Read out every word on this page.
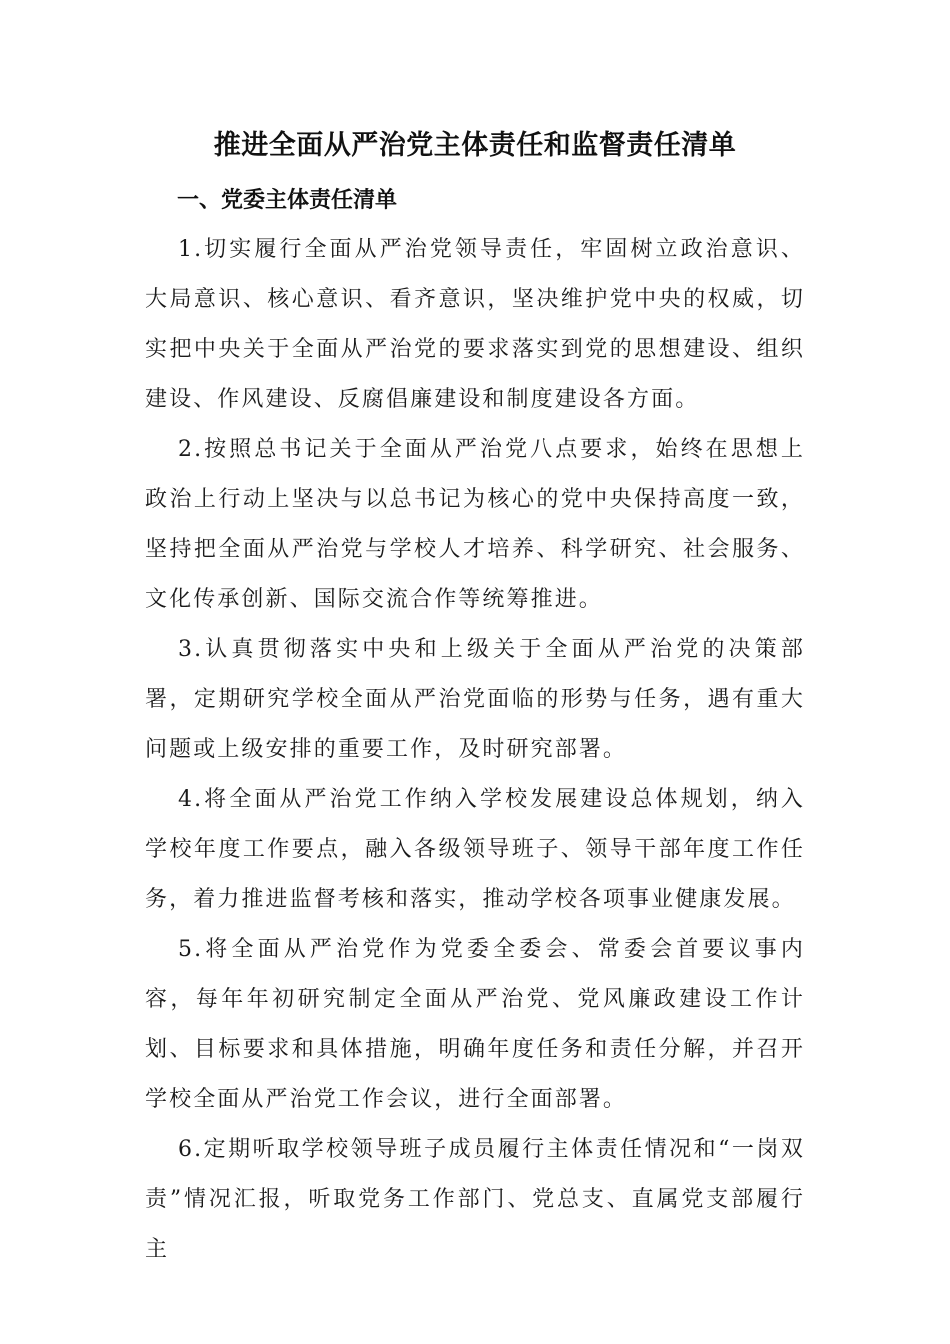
推进全面从严治党主体责任和监督责任清单
一、党委主体责任清单

1.切实履行全面从严治党领导责任，牢固树立政治意识、大局意识、核心意识、看齐意识，坚决维护党中央的权威，切实把中央关于全面从严治党的要求落实到党的思想建设、组织建设、作风建设、反腐倡廉建设和制度建设各方面。

2.按照总书记关于全面从严治党八点要求，始终在思想上政治上行动上坚决与以总书记为核心的党中央保持高度一致，坚持把全面从严治党与学校人才培养、科学研究、社会服务、文化传承创新、国际交流合作等统筹推进。

3.认真贯彻落实中央和上级关于全面从严治党的决策部署，定期研究学校全面从严治党面临的形势与任务，遇有重大问题或上级安排的重要工作，及时研究部署。

4.将全面从严治党工作纳入学校发展建设总体规划，纳入学校年度工作要点，融入各级领导班子、领导干部年度工作任务，着力推进监督考核和落实，推动学校各项事业健康发展。

5.将全面从严治党作为党委全委会、常委会首要议事内容，每年年初研究制定全面从严治党、党风廉政建设工作计划、目标要求和具体措施，明确年度任务和责任分解，并召开学校全面从严治党工作会议，进行全面部署。

6.定期听取学校领导班子成员履行主体责任情况和“一岗双责”情况汇报，听取党务工作部门、党总支、直属党支部履行主
